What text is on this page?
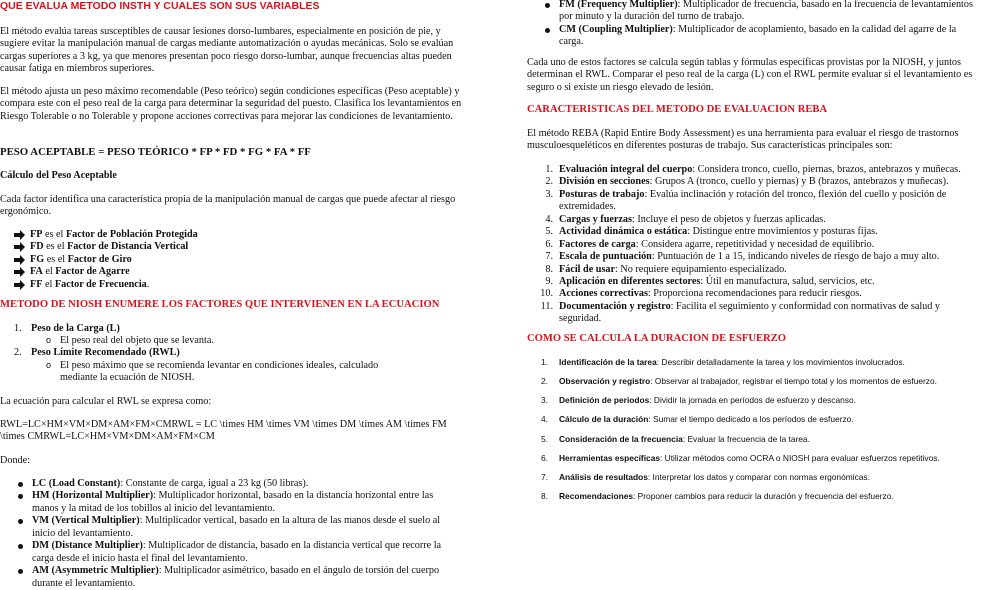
QUE EVALUA METODO INSTH Y CUALES SON SUS VARIABLES

El método evalúa tareas susceptibles de causar lesiones dorso-lumbares, especialmente en posición de pie, y sugiere evitar la manipulación manual de cargas mediante automatización o ayudas mecánicas. Solo se evalúan cargas superiores a 3 kg, ya que menores presentan poco riesgo dorso-lumbar, aunque frecuencias altas pueden causar fatiga en miembros superiores.

El método ajusta un peso máximo recomendable (Peso teórico) según condiciones específicas (Peso aceptable) y compara este con el peso real de la carga para determinar la seguridad del puesto. Clasifica los levantamientos en Riesgo Tolerable o no Tolerable y propone acciones correctivas para mejorar las condiciones de levantamiento.

PESO ACEPTABLE = PESO TEÓRICO * FP * FD * FG * FA * FF

Cálculo del Peso Aceptable

Cada factor identifica una característica propia de la manipulación manual de cargas que puede afectar al riesgo ergonómico.

FP es el Factor de Población Protegida
FD es el Factor de Distancia Vertical
FG es el Factor de Giro
FA el Factor de Agarre
FF el Factor de Frecuencia.

METODO DE NIOSH ENUMERE LOS FACTORES QUE INTERVIENEN EN LA ECUACION

1. Peso de la Carga (L)
o El peso real del objeto que se levanta.
2. Peso Límite Recomendado (RWL)
o El peso máximo que se recomienda levantar en condiciones ideales, calculado mediante la ecuación de NIOSH.

La ecuación para calcular el RWL se expresa como:

RWL=LC×HM×VM×DM×AM×FM×CMRWL = LC \times HM \times VM \times DM \times AM \times FM \times CMRWL=LC×HM×VM×DM×AM×FM×CM

Donde:

LC (Load Constant): Constante de carga, igual a 23 kg (50 libras).
HM (Horizontal Multiplier): Multiplicador horizontal, basado en la distancia horizontal entre las manos y la mitad de los tobillos al inicio del levantamiento.
VM (Vertical Multiplier): Multiplicador vertical, basado en la altura de las manos desde el suelo al inicio del levantamiento.
DM (Distance Multiplier): Multiplicador de distancia, basado en la distancia vertical que recorre la carga desde el inicio hasta el final del levantamiento.
AM (Asymmetric Multiplier): Multiplicador asimétrico, basado en el ángulo de torsión del cuerpo durante el levantamiento.
FM (Frequency Multiplier): Multiplicador de frecuencia, basado en la frecuencia de levantamientos por minuto y la duración del turno de trabajo.
CM (Coupling Multiplier): Multiplicador de acoplamiento, basado en la calidad del agarre de la carga.

Cada uno de estos factores se calcula según tablas y fórmulas específicas provistas por la NIOSH, y juntos determinan el RWL. Comparar el peso real de la carga (L) con el RWL permite evaluar si el levantamiento es seguro o si existe un riesgo elevado de lesión.

CARACTERISTICAS DEL METODO DE EVALUACION REBA

El método REBA (Rapid Entire Body Assessment) es una herramienta para evaluar el riesgo de trastornos musculoesqueléticos en diferentes posturas de trabajo. Sus características principales son:

1. Evaluación integral del cuerpo: Considera tronco, cuello, piernas, brazos, antebrazos y muñecas.
2. División en secciones: Grupos A (tronco, cuello y piernas) y B (brazos, antebrazos y muñecas).
3. Posturas de trabajo: Evalúa inclinación y rotación del tronco, flexión del cuello y posición de extremidades.
4. Cargas y fuerzas: Incluye el peso de objetos y fuerzas aplicadas.
5. Actividad dinámica o estática: Distingue entre movimientos y posturas fijas.
6. Factores de carga: Considera agarre, repetitividad y necesidad de equilibrio.
7. Escala de puntuación: Puntuación de 1 a 15, indicando niveles de riesgo de bajo a muy alto.
8. Fácil de usar: No requiere equipamiento especializado.
9. Aplicación en diferentes sectores: Útil en manufactura, salud, servicios, etc.
10. Acciones correctivas: Proporciona recomendaciones para reducir riesgos.
11. Documentación y registro: Facilita el seguimiento y conformidad con normativas de salud y seguridad.

COMO SE CALCULA LA DURACION DE ESFUERZO

1. Identificación de la tarea: Describir detalladamente la tarea y los movimientos involucrados.
2. Observación y registro: Observar al trabajador, registrar el tiempo total y los momentos de esfuerzo.
3. Definición de periodos: Dividir la jornada en períodos de esfuerzo y descanso.
4. Cálculo de la duración: Sumar el tiempo dedicado a los períodos de esfuerzo.
5. Consideración de la frecuencia: Evaluar la frecuencia de la tarea.
6. Herramientas específicas: Utilizar métodos como OCRA o NIOSH para evaluar esfuerzos repetitivos.
7. Análisis de resultados: Interpretar los datos y comparar con normas ergonómicas.
8. Recomendaciones: Proponer cambios para reducir la duración y frecuencia del esfuerzo.
